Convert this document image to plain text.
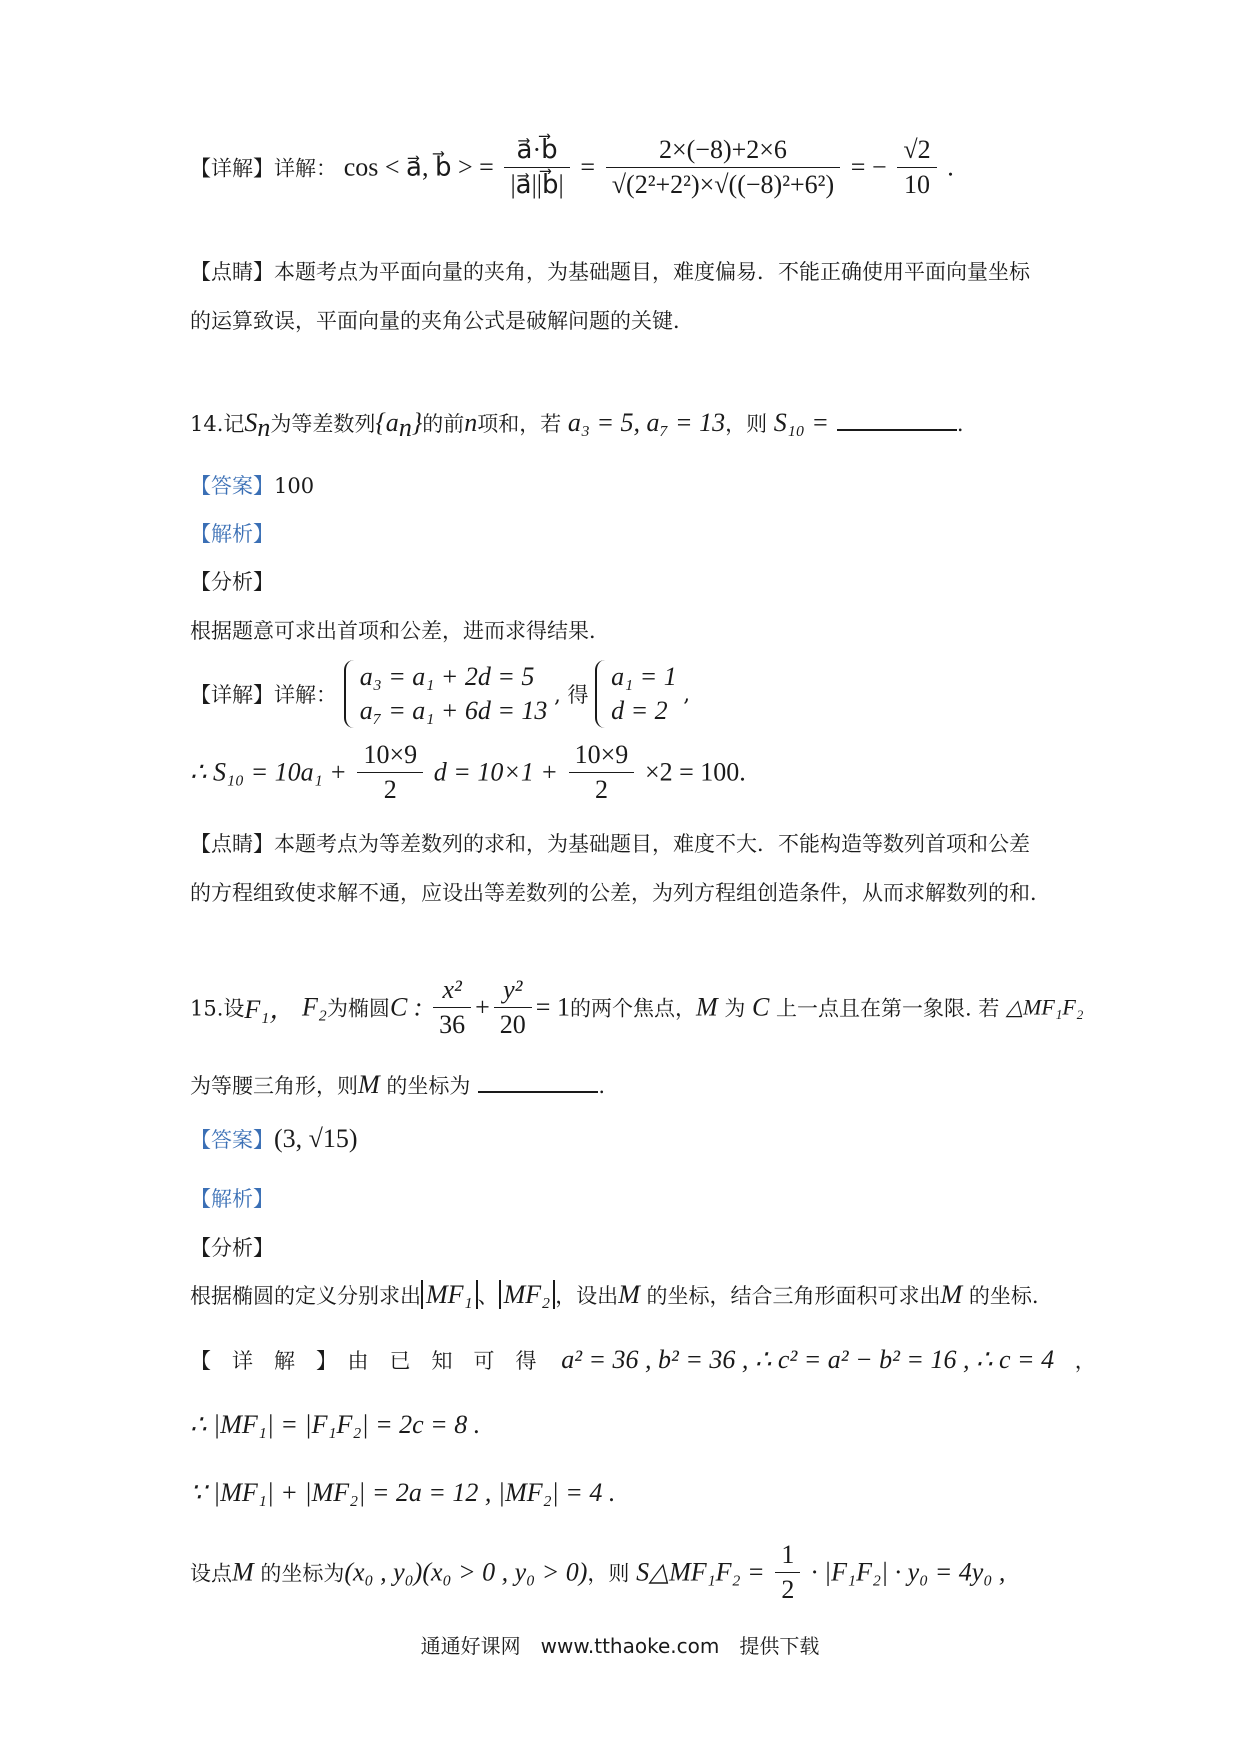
【详解】详解： cos < a⃗, b⃗ > = $\frac{a⃗\cdot b⃗}{|a⃗||b⃗|} = \frac{2\times(-8)+2\times 6}{\text{√(2²+2²)×√((−8)²+6²)}}$ = − $\frac{√2}{10}$ .
【点睛】本题考点为平面向量的夹角，为基础题目，难度偏易．不能正确使用平面向量坐标
的运算致误，平面向量的夹角公式是破解问题的关键．
14.记$S_n$为等差数列$\{a_n\}$的前n项和，若 a₃ = 5, a₇ = 13，则 S₁₀ =	.
【答案】100
【解析】
【分析】
根据题意可求出首项和公差，进而求得结果．
【详解】详解：
a₃ = a₁ + 2d = 5
a₇ = a₁ + 6d = 13
, 得
a₁ = 1
d = 2
,
∴ $S_{10} = 10a_1 + \frac{10\times 9}{2}$ $d = 10\times 1 + \frac{10\times 9}{2} \times 2 = 100$.
【点睛】本题考点为等差数列的求和，为基础题目，难度不大．不能构造等数列首项和公差
的方程组致使求解不通，应设出等差数列的公差，为列方程组创造条件，从而求解数列的和．
15.设F₁， F₂为椭圆C : $\frac{\text{x²}}{36} + \frac{\text{y²}}{20} = 1$的两个焦点，M 为 C 上一点且在第一象限. 若 △MF₁F₂
为等腰三角形，则M 的坐标为	.
【答案】(3, √15)
【解析】
【分析】
根据椭圆的定义分别求出 MF₁ 、 MF₂ ，设出M 的坐标，结合三角形面积可求出M 的坐标.
【　详　解　】　由　已　知　可　得 a² = 36 , b² = 36 , ∴ c² = a² − b² = 16 , ∴ c = 4 ，
∴ |MF₁| = |F₁F₂| = 2c = 8 .
∵ |MF₁| + |MF₂| = 2a = 12 , |MF₂| = 4 .
设点M 的坐标为(x₀ , y₀)(x₀ > 0 , y₀ > 0)，则 S△MF₁F₂ = $\frac{1}{2} \cdot |F_1F_2| \cdot y_0 = 4y_0$ ,
通通好课网　www.tthaoke.com　提供下载
